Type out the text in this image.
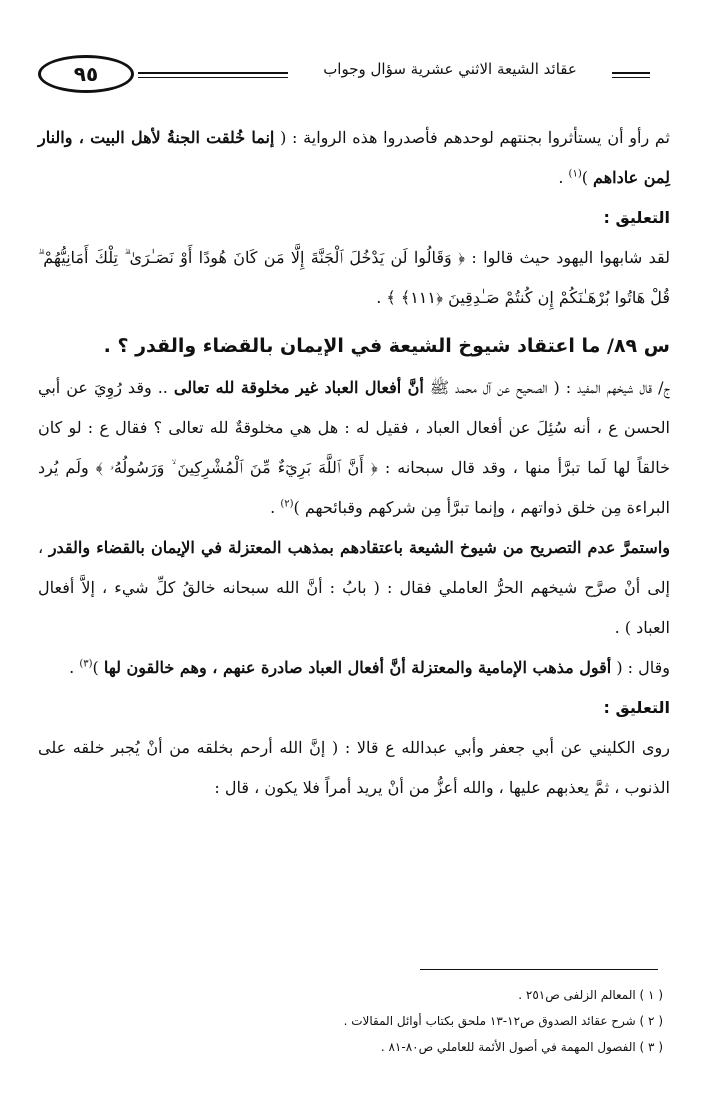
٩٥	عقائد الشيعة الاثني عشرية سؤال وجواب

ثم رأو أن يستأثروا بجنتهم لوحدهم فأصدروا هذه الرواية : ( إنما خُلقت الجنةُ لأهل البيت ، والنار لِمن عاداهم )$^{(١)}$ .

التعليق :

لقد شابهوا اليهود حيث قالوا : ﴿ وَقَالُوا لَن يَدْخُلَ ٱلْجَنَّةَ إِلَّا مَن كَانَ هُودًا أَوْ نَصَـٰرَىٰ ۗ تِلْكَ أَمَانِيُّهُمْ ۗ قُلْ هَاتُوا بُرْهَـٰنَكُمْ إِن كُنتُمْ صَـٰدِقِينَ ﴿١١١﴾ ﴾ .

س ٨٩/ ما اعتقاد شيوخ الشيعة في الإيمان بالقضاء والقدر ؟ .

ج/ قال شيخهم المفيد : ( الصحيح عن آل محمد ﷺ أنَّ أفعال العباد غير مخلوقة لله تعالى .. وقد رُوِيَ عن أبي الحسن ع ، أنه سُئِلَ عن أفعال العباد ، فقيل له : هل هي مخلوقةٌ لله تعالى ؟ فقال ع : لو كان خالقاً لها لَما تبرَّأ منها ، وقد قال سبحانه : ﴿ أَنَّ ٱللَّهَ بَرِيٓءٌ مِّنَ ٱلْمُشْرِكِينَ ۙ وَرَسُولُهُۥ ﴾ ولَم يُرد البراءة مِن خلق ذواتهم ، وإنما تبرَّأ مِن شركهم وقبائحهم )$^{(٢)}$ .

واستمرَّ عدم التصريح من شيوخ الشيعة باعتقادهم بمذهب المعتزلة في الإيمان بالقضاء والقدر ، إلى أنْ صرَّح شيخهم الحرُّ العاملي فقال : ( بابُ : أنَّ الله سبحانه خالقُ كلِّ شيء ، إلاَّ أفعال العباد ) .

وقال : ( أقول مذهب الإمامية والمعتزلة أنَّ أفعال العباد صادرة عنهم ، وهم خالقون لها )$^{(٣)}$ .

التعليق :

روى الكليني عن أبي جعفر وأبي عبدالله ع قالا : ( إنَّ الله أرحم بخلقه من أنْ يُجبر خلقه على الذنوب ، ثمَّ يعذبهم عليها ، والله أعزُّ من أنْ يريد أمراً فلا يكون ، قال :

( ١ ) المعالم الزلفى ص٢٥١ .

( ٢ ) شرح عقائد الصدوق ص١٢-١٣ ملحق بكتاب أوائل المقالات .

( ٣ ) الفصول المهمة في أصول الأئمة للعاملي ص٨٠-٨١ .
